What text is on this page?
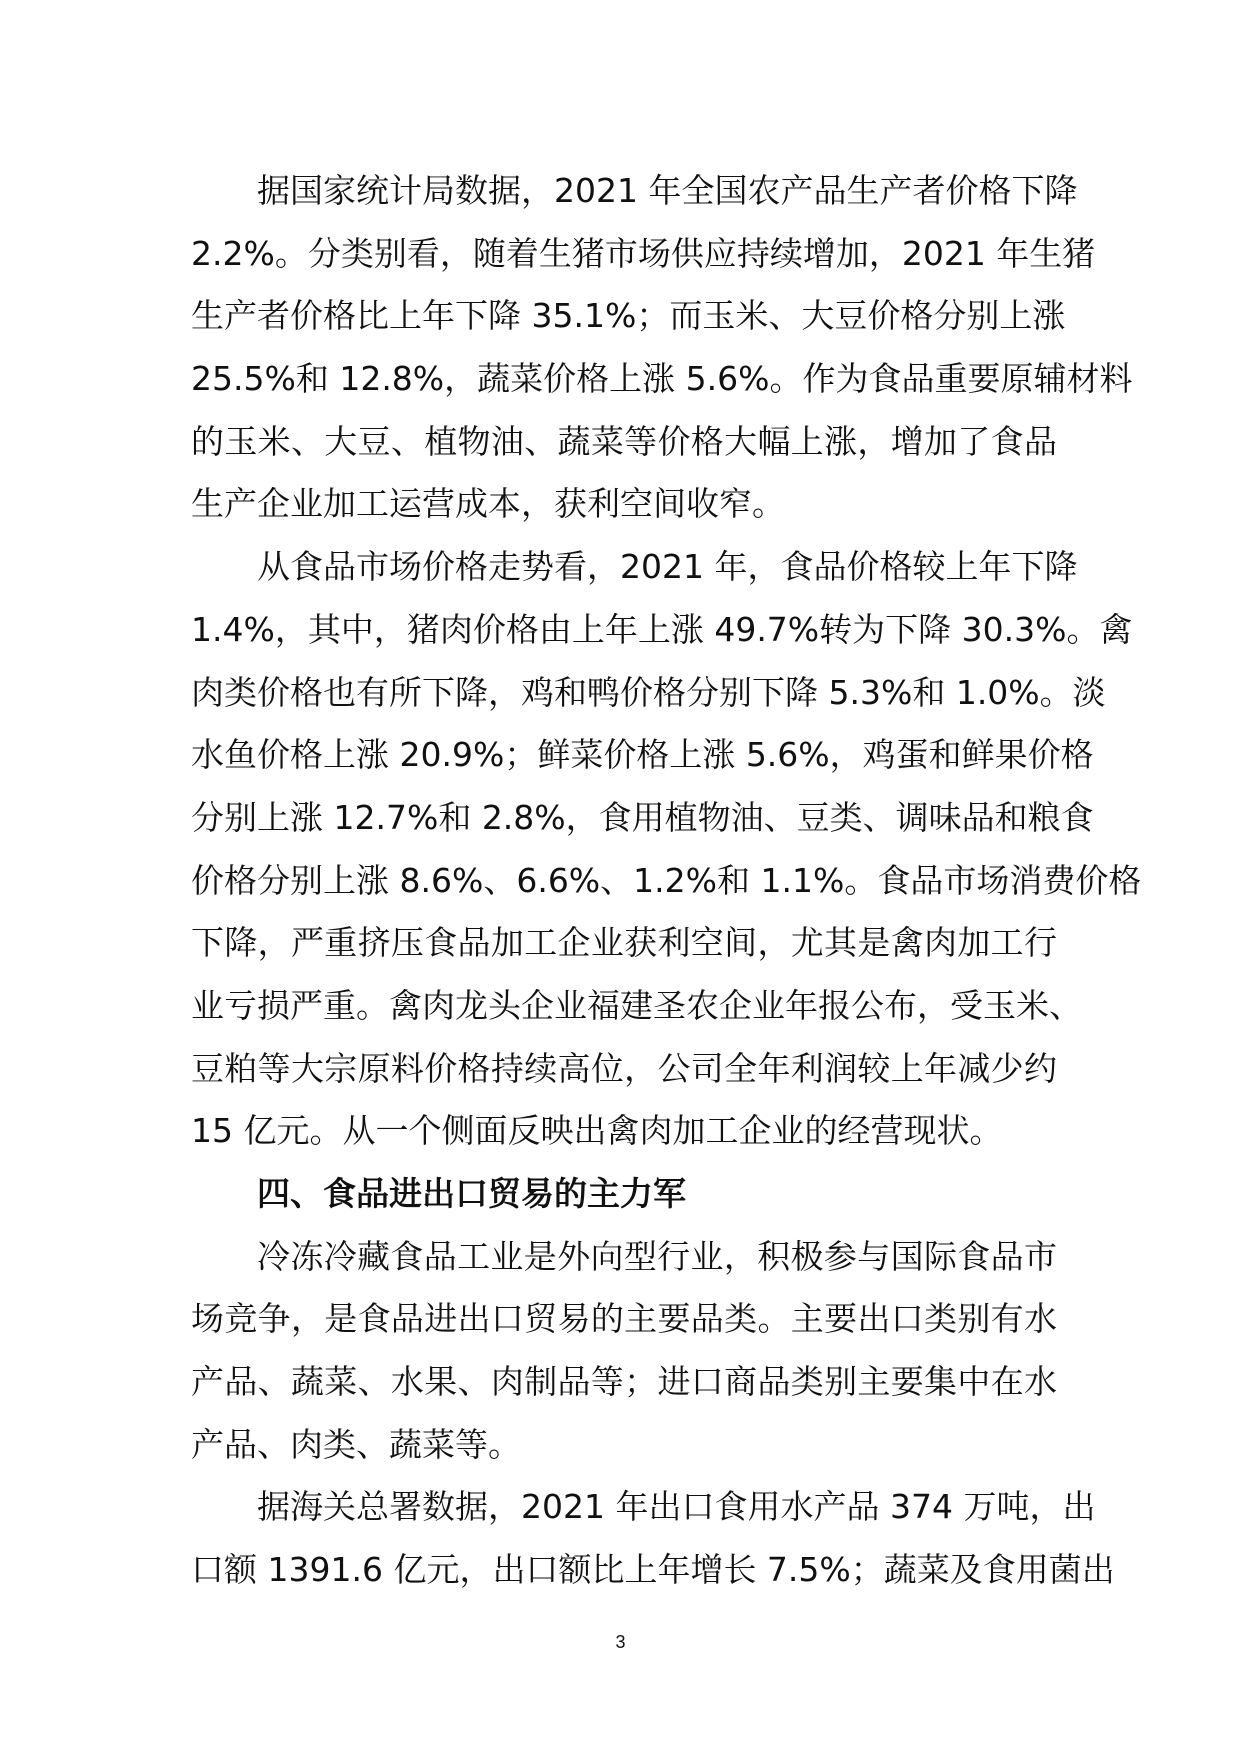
据国家统计局数据，2021 年全国农产品生产者价格下降
2.2%。分类别看，随着生猪市场供应持续增加，2021 年生猪
生产者价格比上年下降 35.1%；而玉米、大豆价格分别上涨
25.5%和 12.8%，蔬菜价格上涨 5.6%。作为食品重要原辅材料
的玉米、大豆、植物油、蔬菜等价格大幅上涨，增加了食品
生产企业加工运营成本，获利空间收窄。
从食品市场价格走势看，2021 年，食品价格较上年下降
1.4%，其中，猪肉价格由上年上涨 49.7%转为下降 30.3%。禽
肉类价格也有所下降，鸡和鸭价格分别下降 5.3%和 1.0%。淡
水鱼价格上涨 20.9%；鲜菜价格上涨 5.6%，鸡蛋和鲜果价格
分别上涨 12.7%和 2.8%，食用植物油、豆类、调味品和粮食
价格分别上涨 8.6%、6.6%、1.2%和 1.1%。食品市场消费价格
下降，严重挤压食品加工企业获利空间，尤其是禽肉加工行
业亏损严重。禽肉龙头企业福建圣农企业年报公布，受玉米、
豆粕等大宗原料价格持续高位，公司全年利润较上年减少约
15 亿元。从一个侧面反映出禽肉加工企业的经营现状。
四、食品进出口贸易的主力军
冷冻冷藏食品工业是外向型行业，积极参与国际食品市
场竞争，是食品进出口贸易的主要品类。主要出口类别有水
产品、蔬菜、水果、肉制品等；进口商品类别主要集中在水
产品、肉类、蔬菜等。
据海关总署数据，2021 年出口食用水产品 374 万吨，出
口额 1391.6 亿元，出口额比上年增长 7.5%；蔬菜及食用菌出
3
